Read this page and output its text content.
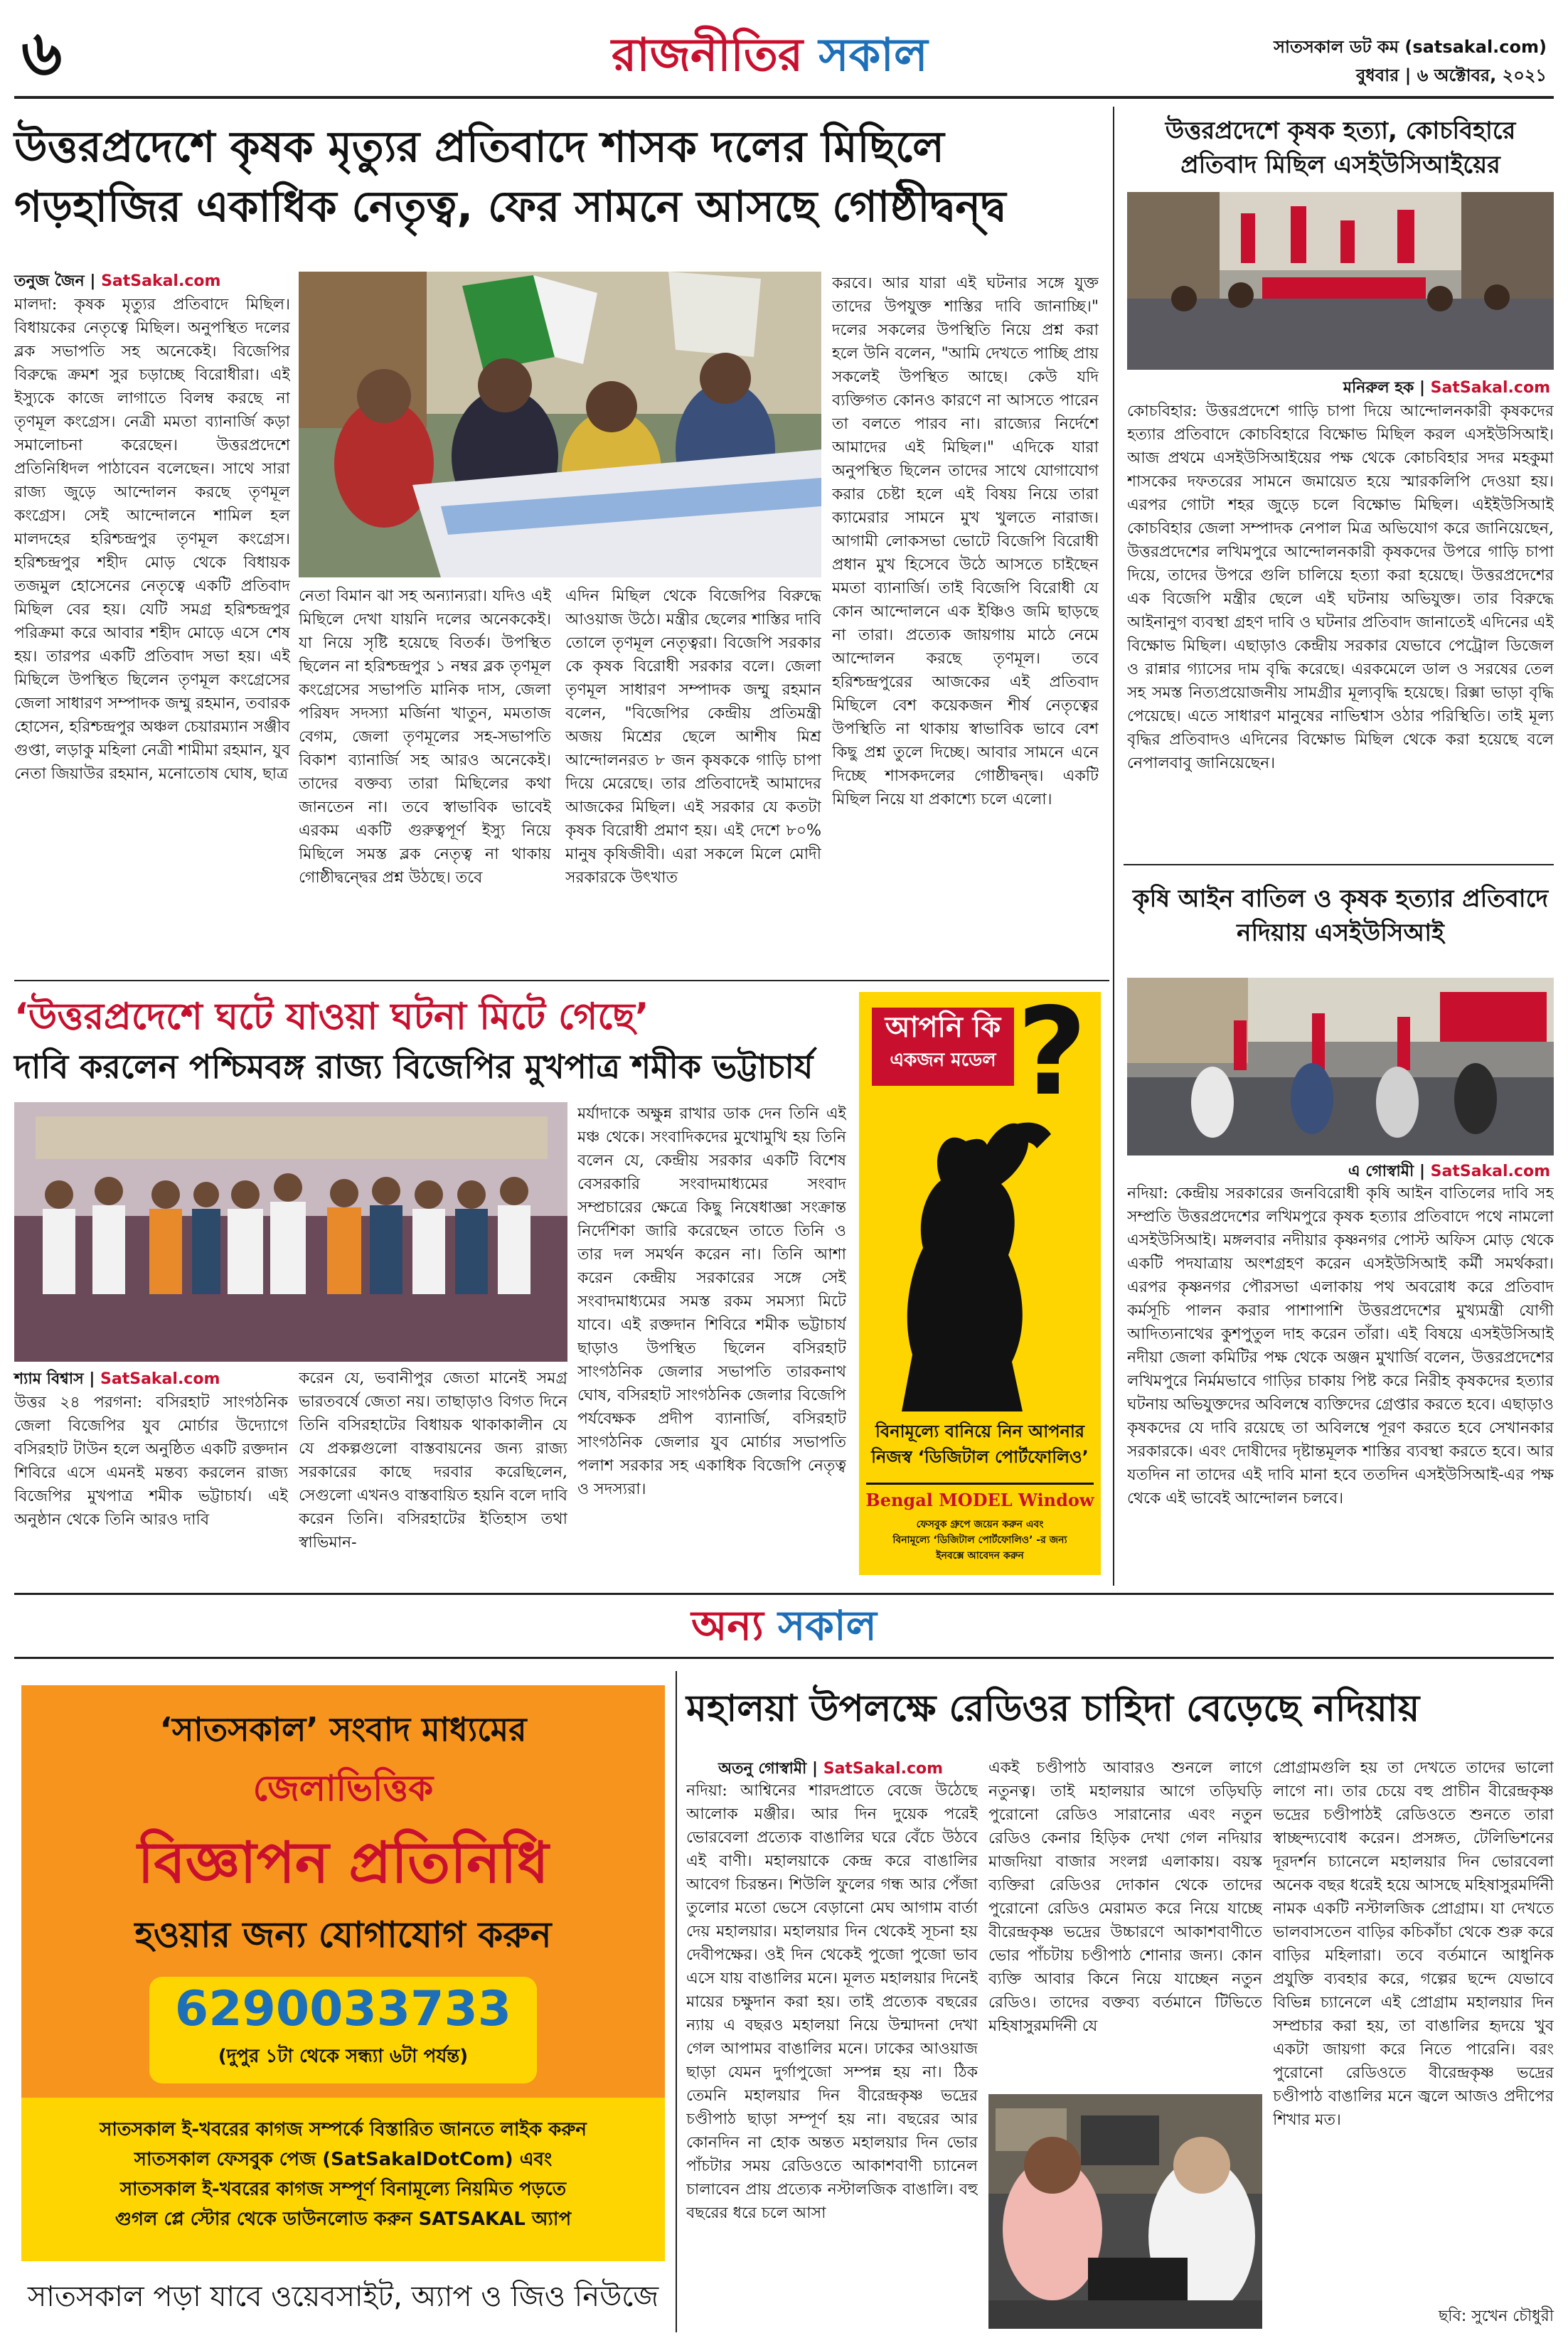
৬	রাজনীতির সকাল	সাতসকাল ডট কম (satsakal.com)
বুধবার | ৬ অক্টোবর, ২০২১
উত্তরপ্রদেশে কৃষক মৃত্যুর প্রতিবাদে শাসক দলের মিছিলে
গড়হাজির একাধিক নেতৃত্ব, ফের সামনে আসছে গোষ্ঠীদ্বন্দ্ব
তনুজ জৈন | SatSakal.com
মালদা: কৃষক মৃত্যুর প্রতিবাদে মিছিল। বিধায়কের নেতৃত্বে মিছিল। অনুপস্থিত দলের ব্লক সভাপতি সহ অনেকেই। বিজেপির বিরুদ্ধে ক্রমশ সুর চড়াচ্ছে বিরোধীরা। এই ইস্যুকে কাজে লাগাতে বিলম্ব করছে না তৃণমূল কংগ্রেস। নেত্রী মমতা ব্যানার্জি কড়া সমালোচনা করেছেন। উত্তরপ্রদেশে প্রতিনিধিদল পাঠাবেন বলেছেন। সাথে সারা রাজ্য জুড়ে আন্দোলন করছে তৃণমূল কংগ্রেস। সেই আন্দোলনে শামিল হল মালদহের হরিশ্চন্দ্রপুর তৃণমূল কংগ্রেস। হরিশ্চন্দ্রপুর শহীদ মোড় থেকে বিধায়ক তজমুল হোসেনের নেতৃত্বে একটি প্রতিবাদ মিছিল বের হয়। যেটি সমগ্র হরিশ্চন্দ্রপুর পরিক্রমা করে আবার শহীদ মোড়ে এসে শেষ হয়। তারপর একটি প্রতিবাদ সভা হয়। এই মিছিলে উপস্থিত ছিলেন তৃণমূল কংগ্রেসের জেলা সাধারণ সম্পাদক জম্মু রহমান, তবারক হোসেন, হরিশ্চন্দ্রপুর অঞ্চল চেয়ারম্যান সঞ্জীব গুপ্তা, লড়াকু মহিলা নেত্রী শামীমা রহমান, যুব নেতা জিয়াউর রহমান, মনোতোষ ঘোষ, ছাত্র
নেতা বিমান ঝা সহ অন্যান্যরা। যদিও এই মিছিলে দেখা যায়নি দলের অনেককেই। যা নিয়ে সৃষ্টি হয়েছে বিতর্ক। উপস্থিত ছিলেন না হরিশ্চন্দ্রপুর ১ নম্বর ব্লক তৃণমূল কংগ্রেসের সভাপতি মানিক দাস, জেলা পরিষদ সদস্যা মর্জিনা খাতুন, মমতাজ বেগম, জেলা তৃণমূলের সহ-সভাপতি বিকাশ ব্যানার্জি সহ আরও অনেকেই। তাদের বক্তব্য তারা মিছিলের কথা জানতেন না। তবে স্বাভাবিক ভাবেই এরকম একটি গুরুত্বপূর্ণ ইস্যু নিয়ে মিছিলে সমস্ত ব্লক নেতৃত্ব না থাকায় গোষ্ঠীদ্বন্দ্বের প্রশ্ন উঠছে। তবে
এদিন মিছিল থেকে বিজেপির বিরুদ্ধে আওয়াজ উঠে। মন্ত্রীর ছেলের শাস্তির দাবি তোলে তৃণমূল নেতৃত্বরা। বিজেপি সরকার কে কৃষক বিরোধী সরকার বলে। জেলা তৃণমূল সাধারণ সম্পাদক জম্মু রহমান বলেন, "বিজেপির কেন্দ্রীয় প্রতিমন্ত্রী অজয় মিশ্রের ছেলে আশীষ মিশ্র আন্দোলনরত ৮ জন কৃষককে গাড়ি চাপা দিয়ে মেরেছে। তার প্রতিবাদেই আমাদের আজকের মিছিল। এই সরকার যে কতটা কৃষক বিরোধী প্রমাণ হয়। এই দেশে ৮০% মানুষ কৃষিজীবী। এরা সকলে মিলে মোদী সরকারকে উৎখাত
করবে। আর যারা এই ঘটনার সঙ্গে যুক্ত তাদের উপযুক্ত শাস্তির দাবি জানাচ্ছি।" দলের সকলের উপস্থিতি নিয়ে প্রশ্ন করা হলে উনি বলেন, "আমি দেখতে পাচ্ছি প্রায় সকলেই উপস্থিত আছে। কেউ যদি ব্যক্তিগত কোনও কারণে না আসতে পারেন তা বলতে পারব না। রাজ্যের নির্দেশে আমাদের এই মিছিল।" এদিকে যারা অনুপস্থিত ছিলেন তাদের সাথে যোগাযোগ করার চেষ্টা হলে এই বিষয় নিয়ে তারা ক্যামেরার সামনে মুখ খুলতে নারাজ। আগামী লোকসভা ভোটে বিজেপি বিরোধী প্রধান মুখ হিসেবে উঠে আসতে চাইছেন মমতা ব্যানার্জি। তাই বিজেপি বিরোধী যে কোন আন্দোলনে এক ইঞ্চিও জমি ছাড়ছে না তারা। প্রত্যেক জায়গায় মাঠে নেমে আন্দোলন করছে তৃণমূল। তবে হরিশ্চন্দ্রপুরের আজকের এই প্রতিবাদ মিছিলে বেশ কয়েকজন শীর্ষ নেতৃত্বের উপস্থিতি না থাকায় স্বাভাবিক ভাবে বেশ কিছু প্রশ্ন তুলে দিচ্ছে। আবার সামনে এনে দিচ্ছে শাসকদলের গোষ্ঠীদ্বন্দ্ব। একটি মিছিল নিয়ে যা প্রকাশ্যে চলে এলো।
উত্তরপ্রদেশে কৃষক হত্যা, কোচবিহারে প্রতিবাদ মিছিল এসইউসিআইয়ের
মনিরুল হক | SatSakal.com
কোচবিহার: উত্তরপ্রদেশে গাড়ি চাপা দিয়ে আন্দোলনকারী কৃষকদের হত্যার প্রতিবাদে কোচবিহারে বিক্ষোভ মিছিল করল এসইউসিআই। আজ প্রথমে এসইউসিআইয়ের পক্ষ থেকে কোচবিহার সদর মহকুমা শাসকের দফতরের সামনে জমায়েত হয়ে স্মারকলিপি দেওয়া হয়। এরপর গোটা শহর জুড়ে চলে বিক্ষোভ মিছিল। এইইউসিআই কোচবিহার জেলা সম্পাদক নেপাল মিত্র অভিযোগ করে জানিয়েছেন, উত্তরপ্রদেশের লখিমপুরে আন্দোলনকারী কৃষকদের উপরে গাড়ি চাপা দিয়ে, তাদের উপরে গুলি চালিয়ে হত্যা করা হয়েছে। উত্তরপ্রদেশের এক বিজেপি মন্ত্রীর ছেলে এই ঘটনায় অভিযুক্ত। তার বিরুদ্ধে আইনানুগ ব্যবস্থা গ্রহণ দাবি ও ঘটনার প্রতিবাদ জানাতেই এদিনের এই বিক্ষোভ মিছিল। এছাড়াও কেন্দ্রীয় সরকার যেভাবে পেট্রোল ডিজেল ও রান্নার গ্যাসের দাম বৃদ্ধি করেছে। এরকমেলে ডাল ও সরষের তেল সহ সমস্ত নিত্যপ্রয়োজনীয় সামগ্রীর মূল্যবৃদ্ধি হয়েছে। রিক্সা ভাড়া বৃদ্ধি পেয়েছে। এতে সাধারণ মানুষের নাভিশ্বাস ওঠার পরিস্থিতি। তাই মূল্য বৃদ্ধির প্রতিবাদও এদিনের বিক্ষোভ মিছিল থেকে করা হয়েছে বলে নেপালবাবু জানিয়েছেন।
কৃষি আইন বাতিল ও কৃষক হত্যার প্রতিবাদে নদিয়ায় এসইউসিআই
এ গোস্বামী | SatSakal.com
নদিয়া: কেন্দ্রীয় সরকারের জনবিরোধী কৃষি আইন বাতিলের দাবি সহ সম্প্রতি উত্তরপ্রদেশের লখিমপুরে কৃষক হত্যার প্রতিবাদে পথে নামলো এসইউসিআই। মঙ্গলবার নদীয়ার কৃষ্ণনগর পোস্ট অফিস মোড় থেকে একটি পদযাত্রায় অংশগ্রহণ করেন এসইউসিআই কর্মী সমর্থকরা। এরপর কৃষ্ণনগর পৌরসভা এলাকায় পথ অবরোধ করে প্রতিবাদ কর্মসূচি পালন করার পাশাপাশি উত্তরপ্রদেশের মুখ্যমন্ত্রী যোগী আদিত্যনাথের কুশপুতুল দাহ করেন তাঁরা। এই বিষয়ে এসইউসিআই নদীয়া জেলা কমিটির পক্ষ থেকে অঞ্জন মুখার্জি বলেন, উত্তরপ্রদেশের লখিমপুরে নির্মমভাবে গাড়ির চাকায় পিষ্ট করে নিরীহ কৃষকদের হত্যার ঘটনায় অভিযুক্তদের অবিলম্বে ব্যক্তিদের গ্রেপ্তার করতে হবে। এছাড়াও কৃষকদের যে দাবি রয়েছে তা অবিলম্বে পূরণ করতে হবে সেখানকার সরকারকে। এবং দোষীদের দৃষ্টান্তমূলক শাস্তির ব্যবস্থা করতে হবে। আর যতদিন না তাদের এই দাবি মানা হবে ততদিন এসইউসিআই-এর পক্ষ থেকে এই ভাবেই আন্দোলন চলবে।
‘উত্তরপ্রদেশে ঘটে যাওয়া ঘটনা মিটে গেছে’
দাবি করলেন পশ্চিমবঙ্গ রাজ্য বিজেপির মুখপাত্র শমীক ভট্টাচার্য
মর্যাদাকে অক্ষুন্ন রাখার ডাক দেন তিনি এই মঞ্চ থেকে। সংবাদিকদের মুখোমুখি হয় তিনি বলেন যে, কেন্দ্রীয় সরকার একটি বিশেষ বেসরকারি সংবাদমাধ্যমের সংবাদ সম্প্রচারের ক্ষেত্রে কিছু নিষেধাজ্ঞা সংক্রান্ত নির্দেশিকা জারি করেছেন তাতে তিনি ও তার দল সমর্থন করেন না। তিনি আশা করেন কেন্দ্রীয় সরকারের সঙ্গে সেই সংবাদমাধ্যমের সমস্ত রকম সমস্যা মিটে যাবে। এই রক্তদান শিবিরে শমীক ভট্টাচার্য ছাড়াও উপস্থিত ছিলেন বসিরহাট সাংগঠনিক জেলার সভাপতি তারকনাথ ঘোষ, বসিরহাট সাংগঠনিক জেলার বিজেপি পর্যবেক্ষক প্রদীপ ব্যানার্জি, বসিরহাট সাংগঠনিক জেলার যুব মোর্চার সভাপতি পলাশ সরকার সহ একাধিক বিজেপি নেতৃত্ব ও সদস্যরা।
শ্যাম বিশ্বাস | SatSakal.com
উত্তর ২৪ পরগনা: বসিরহাট সাংগঠনিক জেলা বিজেপির যুব মোর্চার উদ্যোগে বসিরহাট টাউন হলে অনুষ্ঠিত একটি রক্তদান শিবিরে এসে এমনই মন্তব্য করলেন রাজ্য বিজেপির মুখপাত্র শমীক ভট্টাচার্য। এই অনুষ্ঠান থেকে তিনি আরও দাবি
করেন যে, ভবানীপুর জেতা মানেই সমগ্র ভারতবর্ষে জেতা নয়। তাছাড়াও বিগত দিনে তিনি বসিরহাটের বিধায়ক থাকাকালীন যে যে প্রকল্পগুলো বাস্তবায়নের জন্য রাজ্য সরকারের কাছে দরবার করেছিলেন, সেগুলো এখনও বাস্তবায়িত হয়নি বলে দাবি করেন তিনি। বসিরহাটের ইতিহাস তথা স্বাভিমান-
আপনি কি
একজন মডেল ?
বিনামূল্যে বানিয়ে নিন আপনার
নিজস্ব ‘ডিজিটাল পোর্টফোলিও’
Bengal MODEL Window
ফেসবুক গ্রুপে জয়েন করুন এবং
বিনামূল্যে ‘ডিজিটাল পোর্টফোলিও’ -র জন্য
ইনবক্সে আবেদন করুন
অন্য সকাল
‘সাতসকাল’ সংবাদ মাধ্যমের
জেলাভিত্তিক
বিজ্ঞাপন প্রতিনিধি
হওয়ার জন্য যোগাযোগ করুন
6290033733
(দুপুর ১টা থেকে সন্ধ্যা ৬টা পর্যন্ত)
সাতসকাল ই-খবরের কাগজ সম্পর্কে বিস্তারিত জানতে লাইক করুন
সাতসকাল ফেসবুক পেজ (SatSakalDotCom) এবং
সাতসকাল ই-খবরের কাগজ সম্পূর্ণ বিনামূল্যে নিয়মিত পড়তে
গুগল প্লে স্টোর থেকে ডাউনলোড করুন SATSAKAL অ্যাপ
সাতসকাল পড়া যাবে ওয়েবসাইট, অ্যাপ ও জিও নিউজে
মহালয়া উপলক্ষে রেডিওর চাহিদা বেড়েছে নদিয়ায়
অতনু গোস্বামী | SatSakal.com
নদিয়া: আশ্বিনের শারদপ্রাতে বেজে উঠেছে আলোক মঞ্জীর। আর দিন দুয়েক পরেই ভোরবেলা প্রত্যেক বাঙালির ঘরে বেঁচে উঠবে এই বাণী। মহালয়াকে কেন্দ্র করে বাঙালির আবেগ চিরন্তন। শিউলি ফুলের গন্ধ আর পেঁজা তুলোর মতো ভেসে বেড়ানো মেঘ আগাম বার্তা দেয় মহালয়ার। মহালয়ার দিন থেকেই সূচনা হয় দেবীপক্ষের। ওই দিন থেকেই পুজো পুজো ভাব এসে যায় বাঙালির মনে। মূলত মহালয়ার দিনেই মায়ের চক্ষুদান করা হয়। তাই প্রত্যেক বছরের ন্যায় এ বছরও মহালয়া নিয়ে উন্মাদনা দেখা গেল আপামর বাঙালির মনে। ঢাকের আওয়াজ ছাড়া যেমন দুর্গাপুজো সম্পন্ন হয় না। ঠিক তেমনি মহালয়ার দিন বীরেন্দ্রকৃষ্ণ ভদ্রের চণ্ডীপাঠ ছাড়া সম্পূর্ণ হয় না। বছরের আর কোনদিন না হোক অন্তত মহালয়ার দিন ভোর পাঁচটার সময় রেডিওতে আকাশবাণী চ্যানেল চালাবেন প্রায় প্রত্যেক নস্টালজিক বাঙালি। বহু বছরের ধরে চলে আসা
একই চণ্ডীপাঠ আবারও শুনলে লাগে নতুনত্ব। তাই মহালয়ার আগে তড়িঘড়ি পুরোনো রেডিও সারানোর এবং নতুন রেডিও কেনার হিড়িক দেখা গেল নদিয়ার মাজদিয়া বাজার সংলগ্ন এলাকায়। বয়স্ক ব্যক্তিরা রেডিওর দোকান থেকে তাদের পুরোনো রেডিও মেরামত করে নিয়ে যাচ্ছে বীরেন্দ্রকৃষ্ণ ভদ্রের উচ্চারণে আকাশবাণীতে ভোর পাঁচটায় চণ্ডীপাঠ শোনার জন্য। কোন ব্যক্তি আবার কিনে নিয়ে যাচ্ছেন নতুন রেডিও। তাদের বক্তব্য বর্তমানে টিভিতে মহিষাসুরমর্দিনী যে
প্রোগ্রামগুলি হয় তা দেখতে তাদের ভালো লাগে না। তার চেয়ে বহু প্রাচীন বীরেন্দ্রকৃষ্ণ ভদ্রের চণ্ডীপাঠই রেডিওতে শুনতে তারা স্বাচ্ছন্দ্যবোধ করেন। প্রসঙ্গত, টেলিভিশনের দূরদর্শন চ্যানেলে মহালয়ার দিন ভোরবেলা অনেক বছর ধরেই হয়ে আসছে মহিষাসুরমর্দিনী নামক একটি নস্টালজিক প্রোগ্রাম। যা দেখতে ভালবাসতেন বাড়ির কচিকাঁচা থেকে শুরু করে বাড়ির মহিলারা। তবে বর্তমানে আধুনিক প্রযুক্তি ব্যবহার করে, গল্পের ছন্দে যেভাবে বিভিন্ন চ্যানেলে এই প্রোগ্রাম মহালয়ার দিন সম্প্রচার করা হয়, তা বাঙালির হৃদয়ে খুব একটা জায়গা করে নিতে পারেনি। বরং পুরোনো রেডিওতে বীরেন্দ্রকৃষ্ণ ভদ্রের চণ্ডীপাঠ বাঙালির মনে জ্বলে আজও প্রদীপের শিখার মত।
ছবি: সুখেন চৌধুরী
